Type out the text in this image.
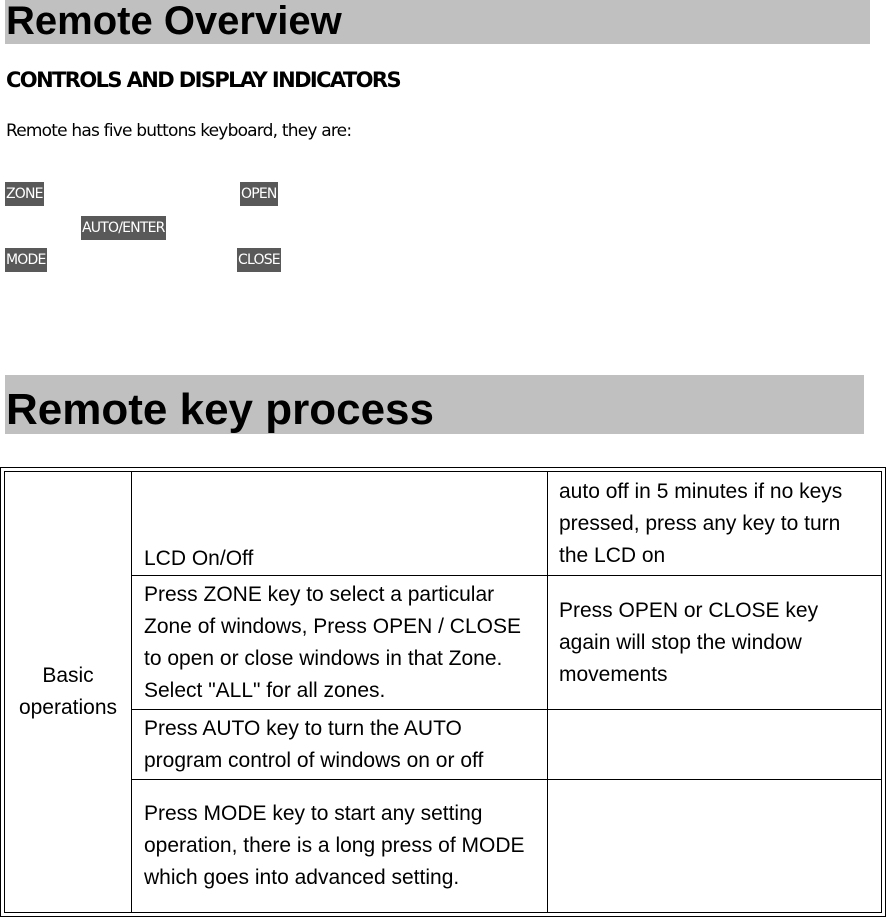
Remote Overview
CONTROLS AND DISPLAY INDICATORS
Remote has five buttons keyboard, they are:
ZONE	OPEN
AUTO/ENTER
MODE	CLOSE
Remote key process
Basic operations
LCD On/Off
auto off in 5 minutes if no keys pressed, press any key to turn the LCD on
Press ZONE key to select a particular Zone of windows, Press OPEN / CLOSE to open or close windows in that Zone. Select "ALL" for all zones.
Press OPEN or CLOSE key again will stop the window movements
Press AUTO key to turn the AUTO program control of windows on or off
Press MODE key to start any setting operation, there is a long press of MODE which goes into advanced setting.
